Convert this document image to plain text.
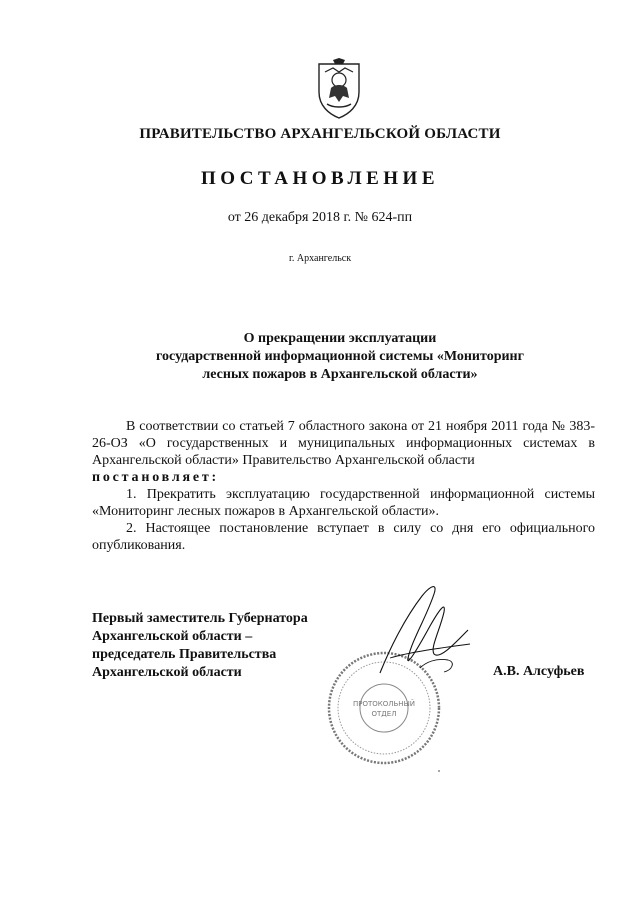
ПРАВИТЕЛЬСТВО АРХАНГЕЛЬСКОЙ ОБЛАСТИ
ПОСТАНОВЛЕНИЕ
от 26 декабря 2018 г. № 624-пп
г. Архангельск
О прекращении эксплуатации
государственной информационной системы «Мониторинг
лесных пожаров в Архангельской области»

В соответствии со статьей 7 областного закона от 21 ноября 2011 года № 383-26-ОЗ «О государственных и муниципальных информационных системах в Архангельской области» Правительство Архангельской области

постановляет:

1. Прекратить эксплуатацию государственной информационной системы «Мониторинг лесных пожаров в Архангельской области».

2. Настоящее постановление вступает в силу со дня его официального опубликования.

Первый заместитель Губернатора
Архангельской области –
председатель Правительства
Архангельской области
ПРОТОКОЛЬНЫЙ
ОТДЕЛ
А.В. Алсуфьев
